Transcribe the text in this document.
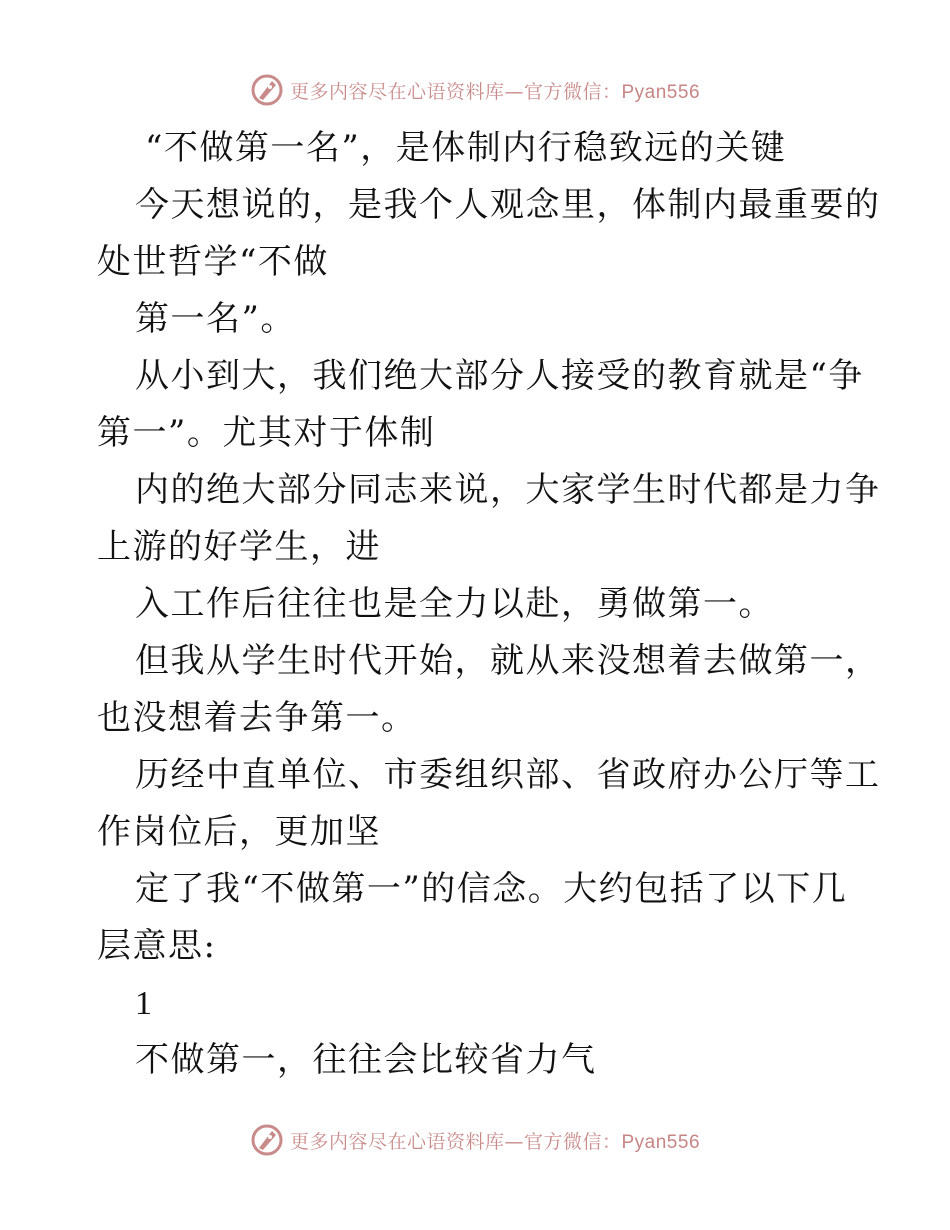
更多内容尽在心语资料库—官方微信：Pyan556
“不做第一名”，是体制内行稳致远的关键
今天想说的，是我个人观念里，体制内最重要的
处世哲学“不做
第一名”。
从小到大，我们绝大部分人接受的教育就是“争
第一”。尤其对于体制
内的绝大部分同志来说，大家学生时代都是力争
上游的好学生，进
入工作后往往也是全力以赴，勇做第一。
但我从学生时代开始，就从来没想着去做第一，
也没想着去争第一。
历经中直单位、市委组织部、省政府办公厅等工
作岗位后，更加坚
定了我“不做第一”的信念。大约包括了以下几
层意思:
1
不做第一，往往会比较省力气
更多内容尽在心语资料库—官方微信：Pyan556
